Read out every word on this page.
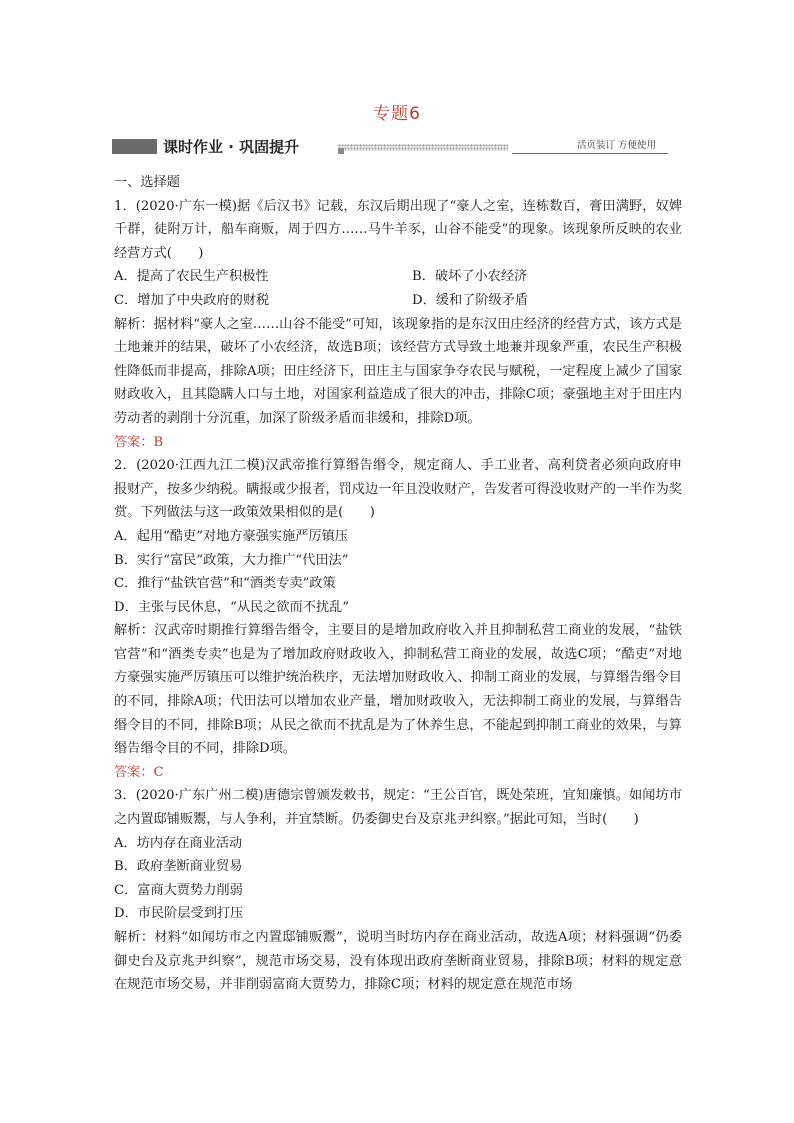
专题6
课时作业 · 巩固提升	活页装订 方便使用

一、选择题

1．(2020·广东一模)据《后汉书》记载，东汉后期出现了“豪人之室，连栋数百，膏田满野，奴婢千群，徒附万计，船车商贩，周于四方……马牛羊豕，山谷不能受”的现象。该现象所反映的农业经营方式(　　)

A．提高了农民生产积极性	B．破坏了小农经济
C．增加了中央政府的财税	D．缓和了阶级矛盾

解析：据材料“豪人之室……山谷不能受”可知，该现象指的是东汉田庄经济的经营方式，该方式是土地兼并的结果，破坏了小农经济，故选B项；该经营方式导致土地兼并现象严重，农民生产积极性降低而非提高，排除A项；田庄经济下，田庄主与国家争夺农民与赋税，一定程度上减少了国家财政收入，且其隐瞒人口与土地，对国家利益造成了很大的冲击，排除C项；豪强地主对于田庄内劳动者的剥削十分沉重，加深了阶级矛盾而非缓和，排除D项。

答案：B

2．(2020·江西九江二模)汉武帝推行算缗告缗令，规定商人、手工业者、高利贷者必须向政府申报财产，按多少纳税。瞒报或少报者，罚戍边一年且没收财产，告发者可得没收财产的一半作为奖赏。下列做法与这一政策效果相似的是(　　)

A．起用“酷吏”对地方豪强实施严厉镇压

B．实行“富民”政策，大力推广“代田法”

C．推行“盐铁官营”和“酒类专卖”政策

D．主张与民休息，“从民之欲而不扰乱”

解析：汉武帝时期推行算缗告缗令，主要目的是增加政府收入并且抑制私营工商业的发展，“盐铁官营”和“酒类专卖”也是为了增加政府财政收入，抑制私营工商业的发展，故选C项；“酷吏”对地方豪强实施严厉镇压可以维护统治秩序，无法增加财政收入、抑制工商业的发展，与算缗告缗令目的不同，排除A项；代田法可以增加农业产量，增加财政收入，无法抑制工商业的发展，与算缗告缗令目的不同，排除B项；从民之欲而不扰乱是为了休养生息，不能起到抑制工商业的效果，与算缗告缗令目的不同，排除D项。

答案：C

3．(2020·广东广州二模)唐德宗曾颁发敕书，规定：“王公百官，既处荣班，宜知廉慎。如闻坊市之内置邸铺贩鬻，与人争利，并宜禁断。仍委御史台及京兆尹纠察。”据此可知，当时(　　)

A．坊内存在商业活动

B．政府垄断商业贸易

C．富商大贾势力削弱

D．市民阶层受到打压

解析：材料“如闻坊市之内置邸铺贩鬻”，说明当时坊内存在商业活动，故选A项；材料强调“仍委御史台及京兆尹纠察”，规范市场交易，没有体现出政府垄断商业贸易，排除B项；材料的规定意在规范市场交易，并非削弱富商大贾势力，排除C项；材料的规定意在规范市场
